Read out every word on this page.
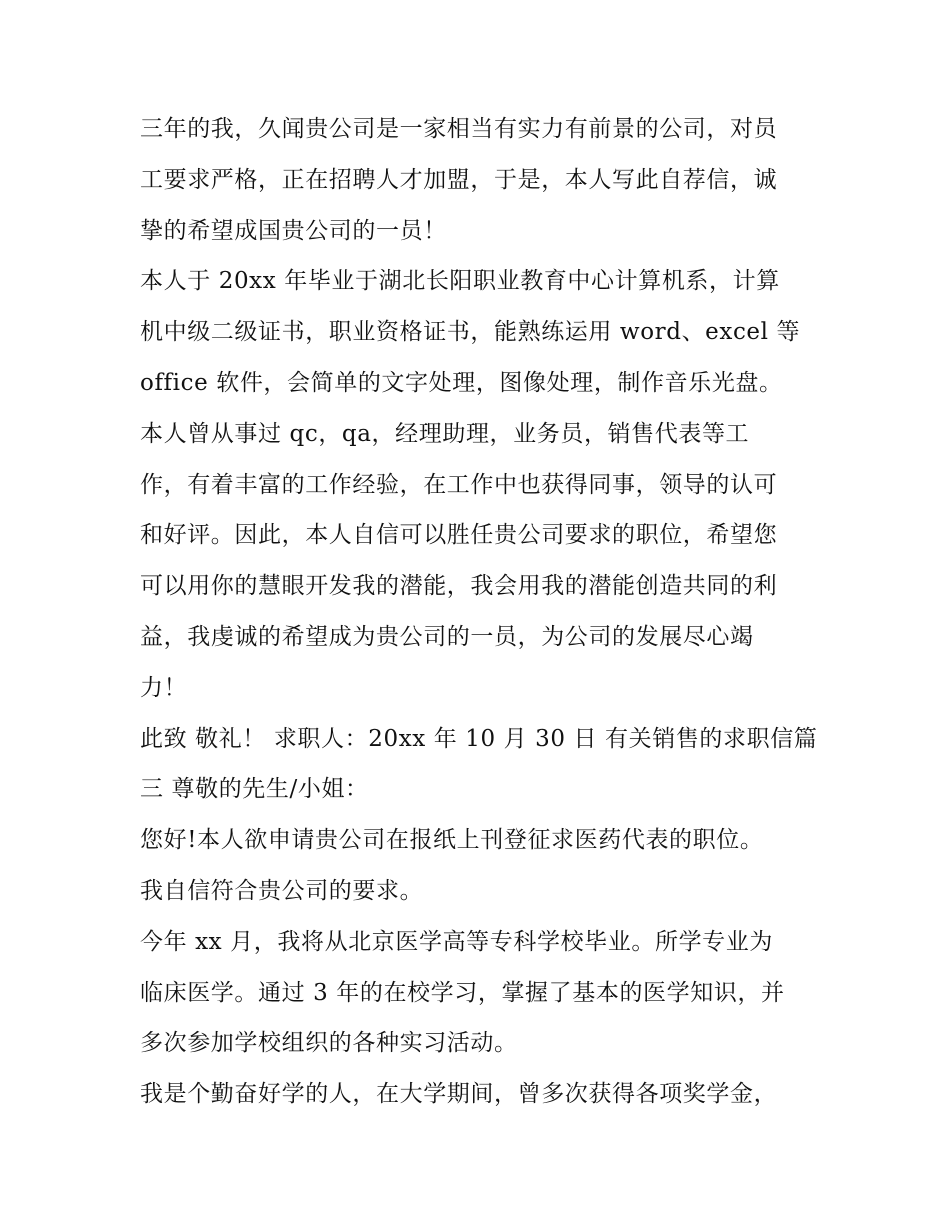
三年的我，久闻贵公司是一家相当有实力有前景的公司，对员
工要求严格，正在招聘人才加盟，于是，本人写此自荐信，诚
挚的希望成国贵公司的一员！
本人于 20xx 年毕业于湖北长阳职业教育中心计算机系，计算
机中级二级证书，职业资格证书，能熟练运用 word、excel 等
office 软件，会简单的文字处理，图像处理，制作音乐光盘。
本人曾从事过 qc，qa，经理助理，业务员，销售代表等工
作，有着丰富的工作经验，在工作中也获得同事，领导的认可
和好评。因此，本人自信可以胜任贵公司要求的职位，希望您
可以用你的慧眼开发我的潜能，我会用我的潜能创造共同的利
益，我虔诚的希望成为贵公司的一员，为公司的发展尽心竭
力！
此致 敬礼！ 求职人：20xx 年 10 月 30 日 有关销售的求职信篇
三 尊敬的先生/小姐：
您好!本人欲申请贵公司在报纸上刊登征求医药代表的职位。
我自信符合贵公司的要求。
今年 xx 月，我将从北京医学高等专科学校毕业。所学专业为
临床医学。通过 3 年的在校学习，掌握了基本的医学知识，并
多次参加学校组织的各种实习活动。
我是个勤奋好学的人，在大学期间，曾多次获得各项奖学金，
